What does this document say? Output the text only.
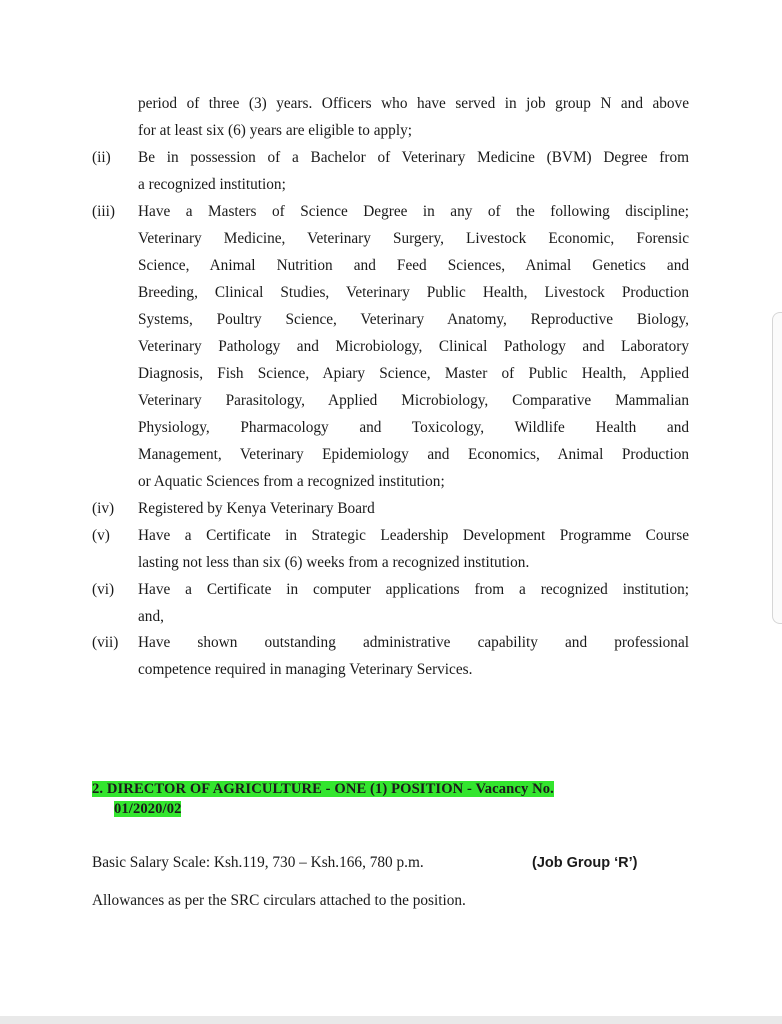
period of three (3) years. Officers who have served in job group N and above
for at least six (6) years are eligible to apply;
(ii) Be in possession of a Bachelor of Veterinary Medicine (BVM) Degree from
a recognized institution;
(iii) Have a Masters of Science Degree in any of the following discipline;
Veterinary Medicine, Veterinary Surgery, Livestock Economic, Forensic
Science, Animal Nutrition and Feed Sciences, Animal Genetics and
Breeding, Clinical Studies, Veterinary Public Health, Livestock Production
Systems, Poultry Science, Veterinary Anatomy, Reproductive Biology,
Veterinary Pathology and Microbiology, Clinical Pathology and Laboratory
Diagnosis, Fish Science, Apiary Science, Master of Public Health, Applied
Veterinary Parasitology, Applied Microbiology, Comparative Mammalian
Physiology, Pharmacology and Toxicology, Wildlife Health and
Management, Veterinary Epidemiology and Economics, Animal Production
or Aquatic Sciences from a recognized institution;
(iv) Registered by Kenya Veterinary Board
(v) Have a Certificate in Strategic Leadership Development Programme Course
lasting not less than six (6) weeks from a recognized institution.
(vi) Have a Certificate in computer applications from a recognized institution;
and,
(vii) Have shown outstanding administrative capability and professional
competence required in managing Veterinary Services.
2. DIRECTOR OF AGRICULTURE - ONE (1) POSITION - Vacancy No.
01/2020/02
Basic Salary Scale: Ksh.119, 730 – Ksh.166, 780 p.m.	(Job Group ‘R’)
Allowances as per the SRC circulars attached to the position.
